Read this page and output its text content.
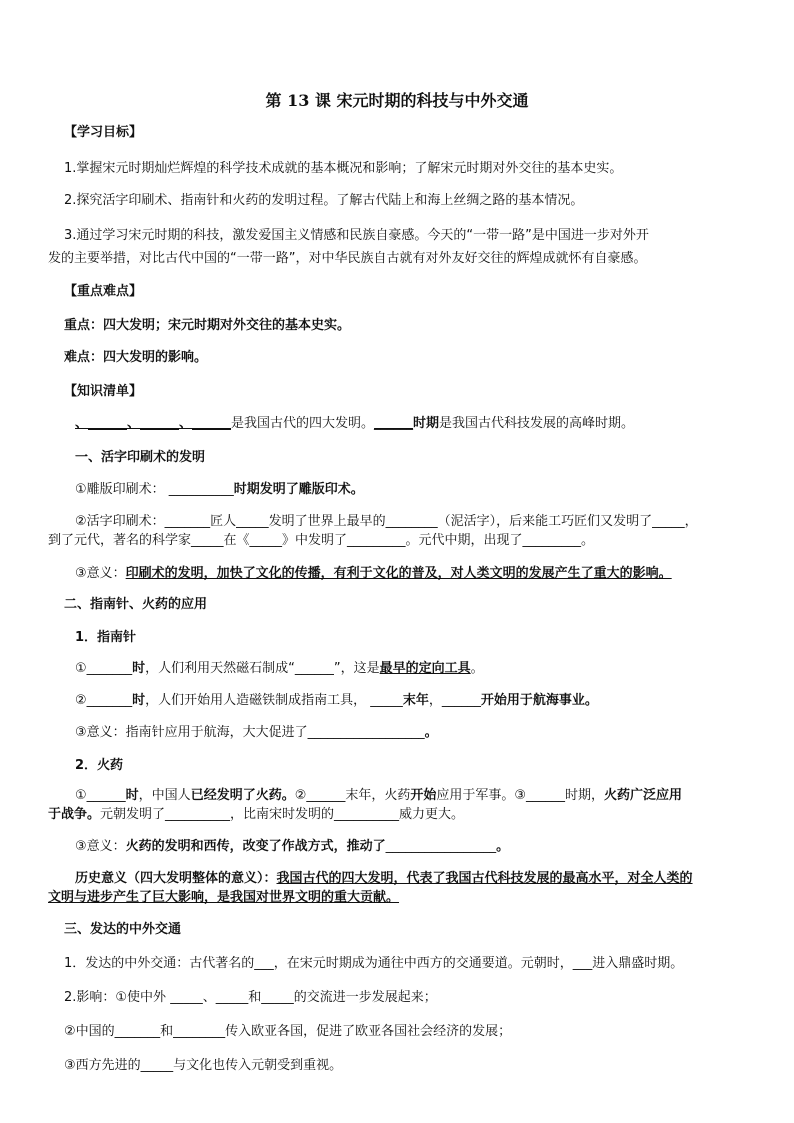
第 13 课 宋元时期的科技与中外交通
【学习目标】
1.掌握宋元时期灿烂辉煌的科学技术成就的基本概况和影响；了解宋元时期对外交往的基本史实。
2.探究活字印刷术、指南针和火药的发明过程。了解古代陆上和海上丝绸之路的基本情况。
3.通过学习宋元时期的科技，激发爱国主义情感和民族自豪感。今天的“一带一路”是中国进一步对外开
发的主要举措，对比古代中国的“一带一路”，对中华民族自古就有对外友好交往的辉煌成就怀有自豪感。
【重点难点】
重点：四大发明；宋元时期对外交往的基本史实。
难点：四大发明的影响。
【知识清单】
、______、______、______是我国古代的四大发明。______时期是我国古代科技发展的高峰时期。
一、活字印刷术的发明
①雕版印刷术： __________时期发明了雕版印术。
②活字印刷术：_______匠人_____发明了世界上最早的________（泥活字），后来能工巧匠们又发明了_____，
到了元代，著名的科学家_____在《_____》中发明了_________。元代中期，出现了_________。
③意义：印刷术的发明，加快了文化的传播，有利于文化的普及，对人类文明的发展产生了重大的影响。
二、指南针、火药的应用
1．指南针
①_______时，人们利用天然磁石制成“______”，这是最早的定向工具。
②_______时，人们开始用人造磁铁制成指南工具， _____末年，______开始用于航海事业。
③意义：指南针应用于航海，大大促进了__________________。
2．火药
①______时，中国人已经发明了火药。②______末年，火药开始应用于军事。③______时期，火药广泛应用
于战争。元朝发明了__________，比南宋时发明的__________威力更大。
③意义：火药的发明和西传，改变了作战方式，推动了_________________。
历史意义（四大发明整体的意义）：我国古代的四大发明，代表了我国古代科技发展的最高水平，对全人类的
文明与进步产生了巨大影响，是我国对世界文明的重大贡献。
三、发达的中外交通
1．发达的中外交通：古代著名的___，在宋元时期成为通往中西方的交通要道。元朝时，___进入鼎盛时期。
2.影响：①使中外 _____、_____和_____的交流进一步发展起来；
②中国的_______和________传入欧亚各国，促进了欧亚各国社会经济的发展；
③西方先进的_____与文化也传入元朝受到重视。
